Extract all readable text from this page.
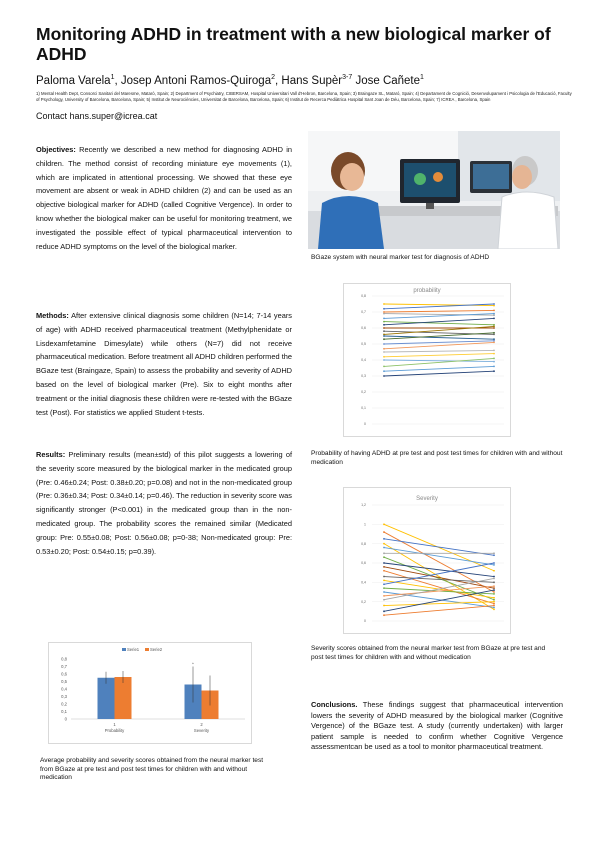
Monitoring ADHD in treatment with a new biological marker of ADHD
Paloma Varela$^1$, Josep Antoni Ramos-Quiroga$^2$, Hans Supèr$^{3-7}$ Jose Cañete$^1$
1) Mental Health Dept, Consorci Sanitari del Maresme, Mataró, Spain; 2) Department of Psychiatry, CIBERSAM, Hospital Universitari Vall d'Hebron, Barcelona, Spain; 3) Braingaze SL, Mataró, Spain; 4) Departament de Cognició, Desenvolupament i Psicologia de l'Educació, Faculty of Psychology, University of Barcelona, Barcelona, Spain; 5) Institut de Neurociències, Universitat de Barcelona, Barcelona, Spain; 6) Institut de Recerca Pediàtrica Hospital Sant Joan de Déu, Barcelona, Spain; 7) ICREA , Barcelona, Spain
Contact hans.super@icrea.cat
Objectives: Recently we described a new method for diagnosing ADHD in children. The method consist of recording miniature eye movements (1), which are implicated in attentional processing. We showed that these eye movement are absent or weak in ADHD children (2) and can be used as an objective biological marker for ADHD (called Cognitive Vergence). In order to know whether the biological maker can be useful for monitoring treatment, we investigated the possible effect of typical pharmaceutical intervention to reduce ADHD symptoms on the level of the biological marker.
Methods: After extensive clinical diagnosis some children (N=14; 7-14 years of age) with ADHD received pharmaceutical treatment (Methylphenidate or Lisdexamfetamine Dimesylate) while others (N=7) did not receive pharmaceutical medication. Before treatment all ADHD children performed the BGaze test (Braingaze, Spain) to assess the probability and severity of ADHD based on the level of biological marker (Pre). Six to eight months after treatment or the initial diagnosis these children were re-tested with the BGaze test (Post). For statistics we applied Student t-tests.
Results: Preliminary results (mean±std) of this pilot suggests a lowering of the severity score measured by the biological marker in the medicated group (Pre: 0.46±0.24; Post: 0.38±0.20; p=0.08) and not in the non-medicated group (Pre: 0.36±0.34; Post: 0.34±0.14; p=0.46). The reduction in severity score was significantly stronger (P<0.001) in the medicated group than in the non-medicated group. The probability scores the remained similar (Medicated group: Pre: 0.55±0.08; Post: 0.56±0.08; p=0-38; Non-medicated group: Pre: 0.53±0.20; Post: 0.54±0.15; p=0.39).
BGaze system with neural marker test for diagnosis of ADHD
probability
0
0,1
0,2
0,3
0,4
0,5
0,6
0,7
0,8
Probability of having ADHD at pre test and post test times for children with and without medication
Severity
0
0,2
0,4
0,6
0,8
1
1,2
Severity scores obtained from the neural marker test from BGaze at pre test and post test times for children with and without medication
Serie1	Serie2
0
0,1
0,2
0,3
0,4
0,5
0,6
0,7
0,8
1
Probability
2
Severity
*
Average probability and severity scores obtained from the neural marker test from BGaze at pre test and post test times for children with and without medication
Conclusions. These findings suggest that pharmaceutical intervention lowers the severity of ADHD measured by the biological marker (Cognitive Vergence) of the BGaze test. A study (currently undertaken) with larger patient sample is needed to confirm whether Cognitive Vergence assessmentcan be used as a tool to monitor pharmaceutical treatment.
